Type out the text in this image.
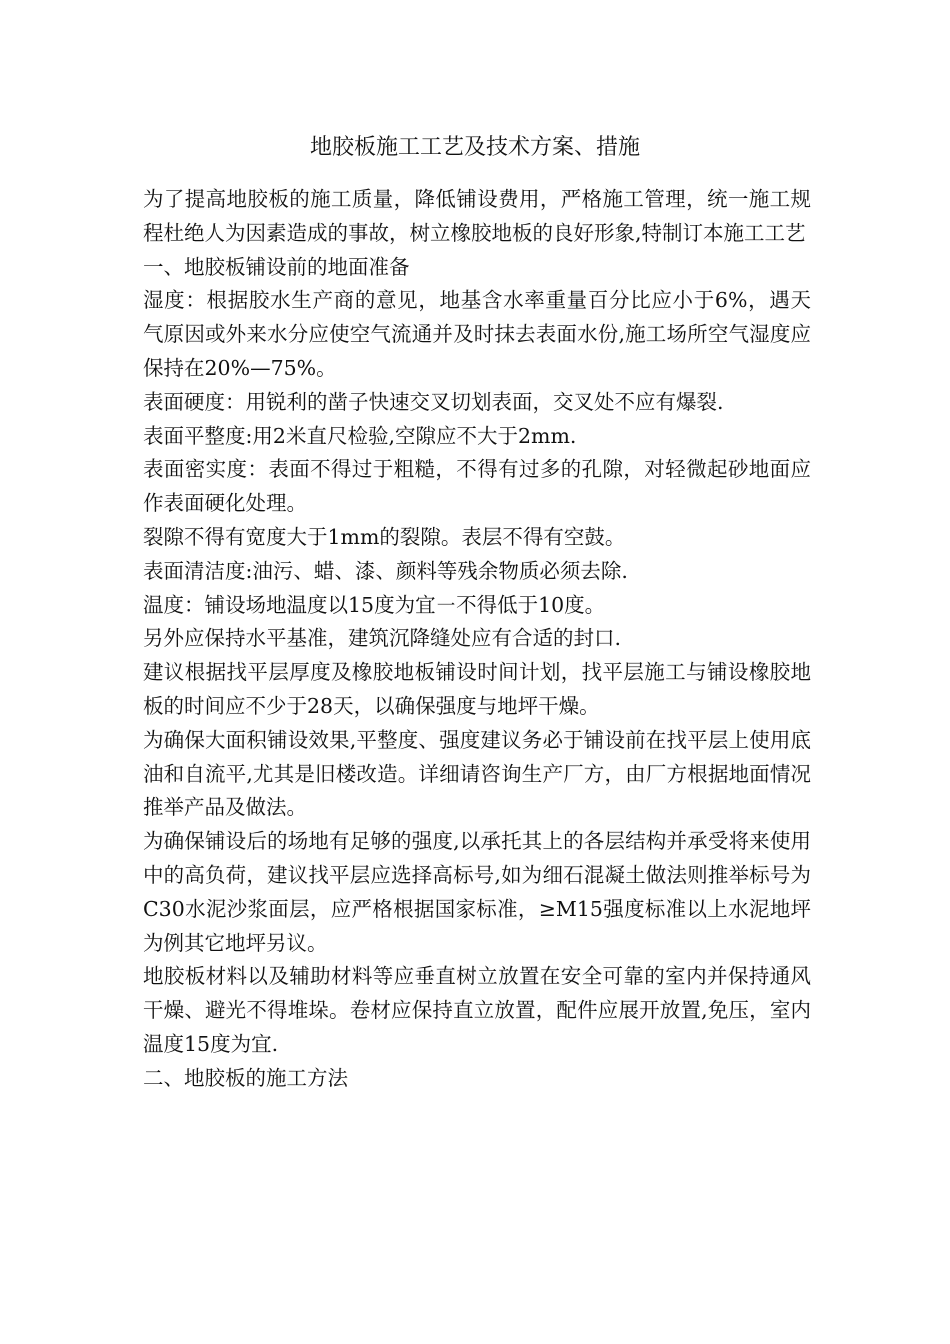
地胶板施工工艺及技术方案、措施

为了提高地胶板的施工质量，降低铺设费用，严格施工管理，统一施工规程杜绝人为因素造成的事故，树立橡胶地板的良好形象,特制订本施工工艺

一、地胶板铺设前的地面准备

湿度：根据胶水生产商的意见，地基含水率重量百分比应小于6%，遇天气原因或外来水分应使空气流通并及时抹去表面水份,施工场所空气湿度应保持在20%—75%。

表面硬度：用锐利的凿子快速交叉切划表面，交叉处不应有爆裂.

表面平整度:用2米直尺检验,空隙应不大于2mm.

表面密实度：表面不得过于粗糙，不得有过多的孔隙，对轻微起砂地面应作表面硬化处理。

裂隙不得有宽度大于1mm的裂隙。表层不得有空鼓。

表面清洁度:油污、蜡、漆、颜料等残余物质必须去除.

温度：铺设场地温度以15度为宜㇐不得低于10度。

另外应保持水平基准，建筑沉降缝处应有合适的封口.

建议根据找平层厚度及橡胶地板铺设时间计划，找平层施工与铺设橡胶地板的时间应不少于28天，以确保强度与地坪干燥。

为确保大面积铺设效果,平整度、强度建议务必于铺设前在找平层上使用底油和自流平,尤其是旧楼改造。详细请咨询生产厂方，由厂方根据地面情况推举产品及做法。

为确保铺设后的场地有足够的强度,以承托其上的各层结构并承受将来使用中的高负荷，建议找平层应选择高标号,如为细石混凝土做法则推举标号为C30水泥沙浆面层，应严格根据国家标准，≥M15强度标准以上水泥地坪为例其它地坪另议。

地胶板材料以及辅助材料等应垂直树立放置在安全可靠的室内并保持通风干燥、避光不得堆垛。卷材应保持直立放置，配件应展开放置,免压，室内温度15度为宜.

二、地胶板的施工方法
